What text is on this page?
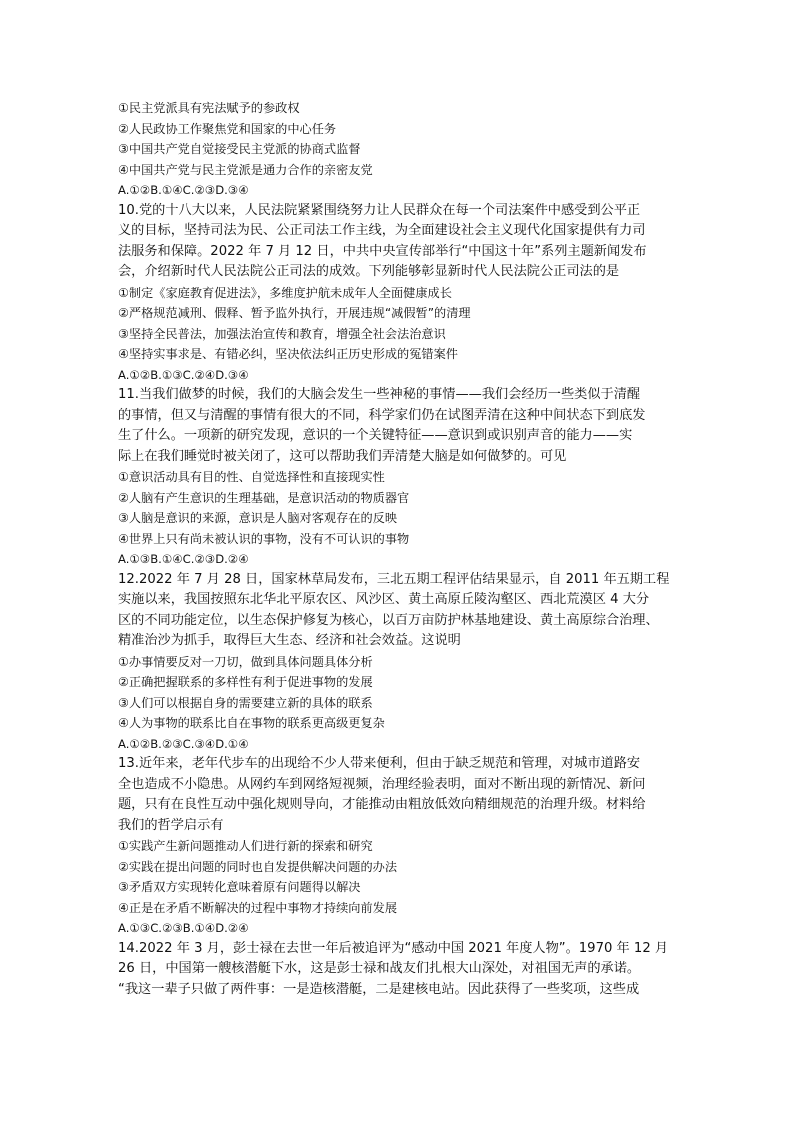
①民主党派具有宪法赋予的参政权
②人民政协工作聚焦党和国家的中心任务
③中国共产党自觉接受民主党派的协商式监督
④中国共产党与民主党派是通力合作的亲密友党
A.①②B.①④C.②③D.③④
10.党的十八大以来，人民法院紧紧围绕努力让人民群众在每一个司法案件中感受到公平正
义的目标，坚持司法为民、公正司法工作主线，为全面建设社会主义现代化国家提供有力司
法服务和保障。2022 年 7 月 12 日，中共中央宣传部举行“中国这十年”系列主题新闻发布
会，介绍新时代人民法院公正司法的成效。下列能够彰显新时代人民法院公正司法的是
①制定《家庭教育促进法》，多维度护航未成年人全面健康成长
②严格规范减刑、假释、暂予监外执行，开展违规“减假暂”的清理
③坚持全民普法，加强法治宣传和教育，增强全社会法治意识
④坚持实事求是、有错必纠，坚决依法纠正历史形成的冤错案件
A.①②B.①③C.②④D.③④
11.当我们做梦的时候，我们的大脑会发生一些神秘的事情——我们会经历一些类似于清醒
的事情，但又与清醒的事情有很大的不同，科学家们仍在试图弄清在这种中间状态下到底发
生了什么。一项新的研究发现，意识的一个关键特征——意识到或识别声音的能力——实
际上在我们睡觉时被关闭了，这可以帮助我们弄清楚大脑是如何做梦的。可见
①意识活动具有目的性、自觉选择性和直接现实性
②人脑有产生意识的生理基础，是意识活动的物质器官
③人脑是意识的来源，意识是人脑对客观存在的反映
④世界上只有尚未被认识的事物，没有不可认识的事物
A.①③B.①④C.②③D.②④
12.2022 年 7 月 28 日，国家林草局发布，三北五期工程评估结果显示，自 2011 年五期工程
实施以来，我国按照东北华北平原农区、风沙区、黄土高原丘陵沟壑区、西北荒漠区 4 大分
区的不同功能定位，以生态保护修复为核心，以百万亩防护林基地建设、黄土高原综合治理、
精准治沙为抓手，取得巨大生态、经济和社会效益。这说明
①办事情要反对一刀切，做到具体问题具体分析
②正确把握联系的多样性有利于促进事物的发展
③人们可以根据自身的需要建立新的具体的联系
④人为事物的联系比自在事物的联系更高级更复杂
A.①②B.②③C.③④D.①④
13.近年来，老年代步车的出现给不少人带来便利，但由于缺乏规范和管理，对城市道路安
全也造成不小隐患。从网约车到网络短视频，治理经验表明，面对不断出现的新情况、新问
题，只有在良性互动中强化规则导向，才能推动由粗放低效向精细规范的治理升级。材料给
我们的哲学启示有
①实践产生新问题推动人们进行新的探索和研究
②实践在提出问题的同时也自发提供解决问题的办法
③矛盾双方实现转化意味着原有问题得以解决
④正是在矛盾不断解决的过程中事物才持续向前发展
A.①③C.②③B.①④D.②④
14.2022 年 3 月，彭士禄在去世一年后被追评为“感动中国 2021 年度人物”。1970 年 12 月
26 日，中国第一艘核潜艇下水，这是彭士禄和战友们扎根大山深处，对祖国无声的承诺。
“我这一辈子只做了两件事：一是造核潜艇，二是建核电站。因此获得了一些奖项，这些成
